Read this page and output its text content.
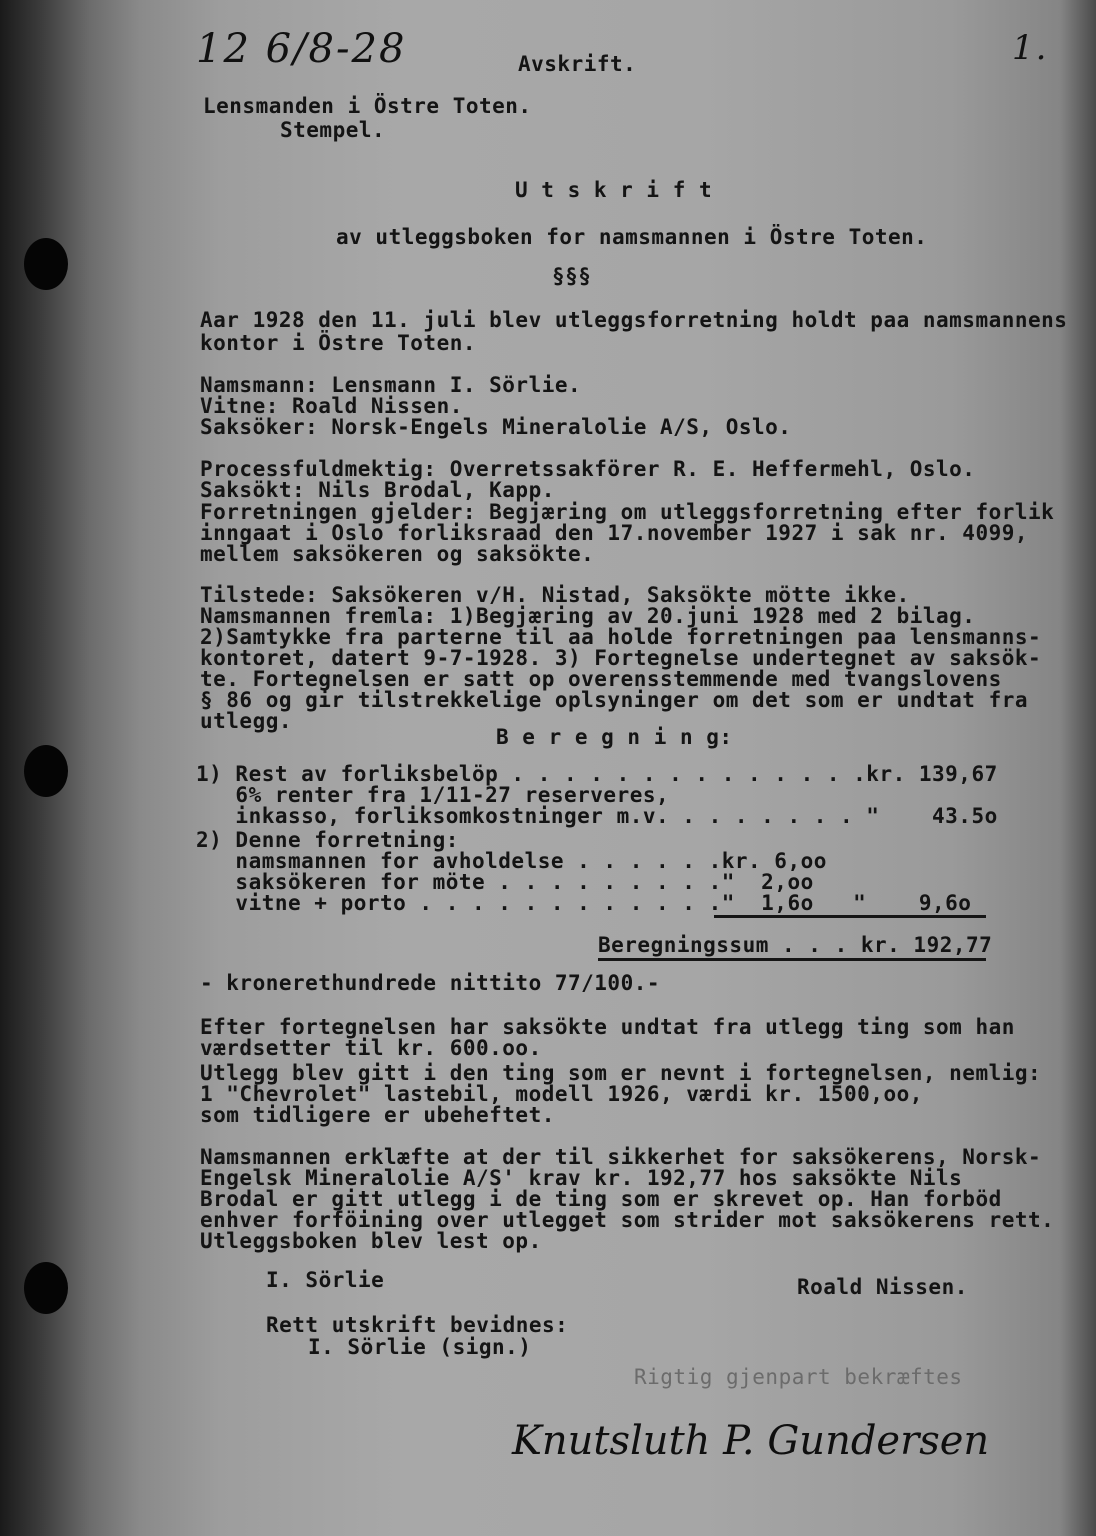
12 6/8-28	Avskrift.	1.
Lensmanden i Östre Toten.
Stempel.
U t s k r i f t
av utleggsboken for namsmannen i Östre Toten.
§§§
Aar 1928 den 11. juli blev utleggsforretning holdt paa namsmannens
kontor i Östre Toten.
Namsmann: Lensmann I. Sörlie.
Vitne: Roald Nissen.
Saksöker: Norsk-Engels Mineralolie A/S, Oslo.
Processfuldmektig: Overretssakförer R. E. Heffermehl, Oslo.
Saksökt: Nils Brodal, Kapp.
Forretningen gjelder: Begjæring om utleggsforretning efter forlik
inngaat i Oslo forliksraad den 17.november 1927 i sak nr. 4099,
mellem saksökeren og saksökte.
Tilstede: Saksökeren v/H. Nistad, Saksökte mötte ikke.
Namsmannen fremla: 1)Begjæring av 20.juni 1928 med 2 bilag.
2)Samtykke fra parterne til aa holde forretningen paa lensmanns-
kontoret, datert 9-7-1928. 3) Fortegnelse undertegnet av saksök-
te. Fortegnelsen er satt op overensstemmende med tvangslovens
§ 86 og gir tilstrekkelige oplsyninger om det som er undtat fra
utlegg.
B e r e g n i n g:
1) Rest av forliksbelöp . . . . . . . . . . . . . .kr. 139,67
6% renter fra 1/11-27 reserveres,
inkasso, forliksomkostninger m.v. . . . . . . . "    43.5o
2) Denne forretning:
namsmannen for avholdelse . . . . . .kr. 6,oo
saksökeren for möte . . . . . . . . ."  2,oo
vitne + porto . . . . . . . . . . . ."  1,6o   "    9,6o
Beregningssum . . . kr. 192,77
- kronerethundrede nittito 77/100.-
Efter fortegnelsen har saksökte undtat fra utlegg ting som han
værdsetter til kr. 600.oo.
Utlegg blev gitt i den ting som er nevnt i fortegnelsen, nemlig:
1 "Chevrolet" lastebil, modell 1926, værdi kr. 1500,oo,
som tidligere er ubeheftet.
Namsmannen erklæfte at der til sikkerhet for saksökerens, Norsk-
Engelsk Mineralolie A/S' krav kr. 192,77 hos saksökte Nils
Brodal er gitt utlegg i de ting som er skrevet op. Han forböd
enhver forföining over utlegget som strider mot saksökerens rett.
Utleggsboken blev lest op.
I. Sörlie	Roald Nissen.
Rett utskrift bevidnes:
I. Sörlie (sign.)
Rigtig gjenpart bekræftes
Knutsluth P. Gundersen
